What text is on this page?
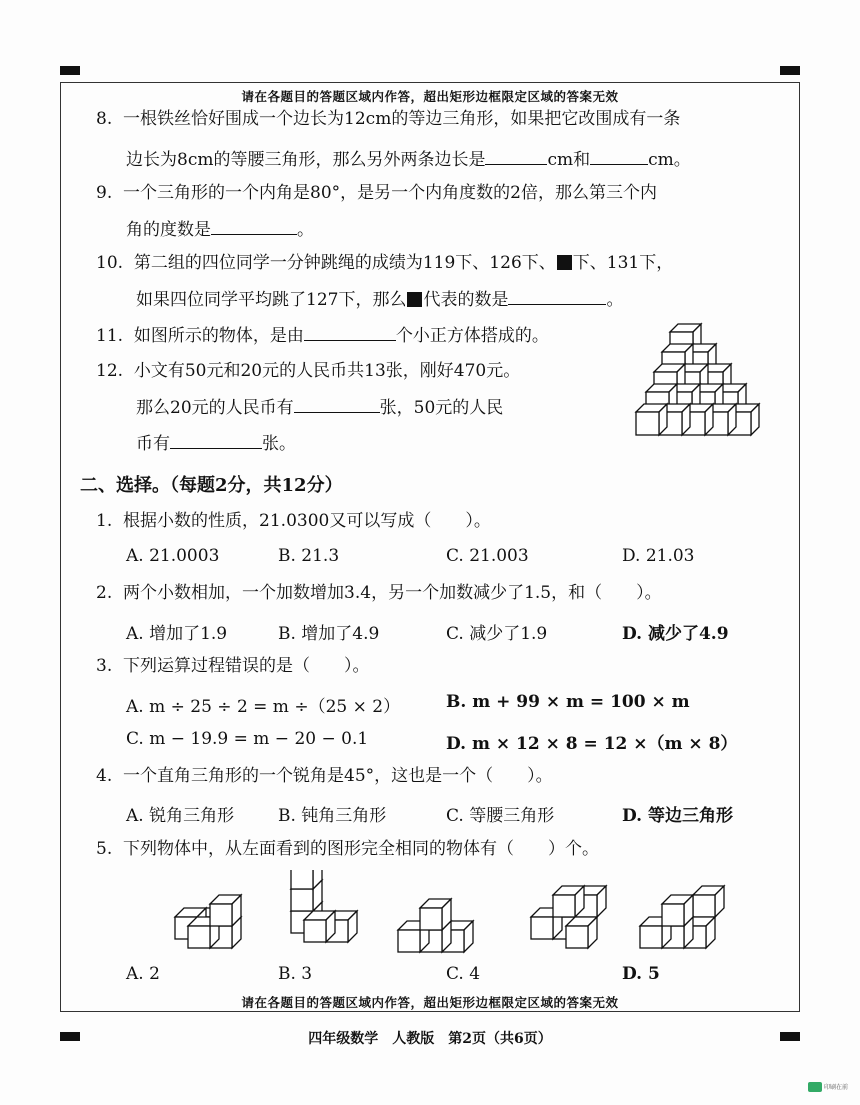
请在各题目的答题区域内作答，超出矩形边框限定区域的答案无效
请在各题目的答题区域内作答，超出矩形边框限定区域的答案无效
8. 一根铁丝恰好围成一个边长为12cm的等边三角形，如果把它改围成有一条
边长为8cm的等腰三角形，那么另外两条边长是	cm和	cm。
9. 一个三角形的一个内角是80°，是另一个内角度数的2倍，那么第三个内
角的度数是	。
10. 第二组的四位同学一分钟跳绳的成绩为119下、126下、 下、131下，
如果四位同学平均跳了127下，那么 代表的数是	。
11. 如图所示的物体，是由	个小正方体搭成的。
12. 小文有50元和20元的人民币共13张，刚好470元。
那么20元的人民币有	张，50元的人民
币有	张。
二、选择。（每题2分，共12分）
1. 根据小数的性质，21.0300又可以写成（　　）。
A. 21.0003	B. 21.3	C. 21.003	D. 21.03
2. 两个小数相加，一个加数增加3.4，另一个加数减少了1.5，和（　　）。
A. 增加了1.9	B. 增加了4.9	C. 减少了1.9	D. 减少了4.9
3. 下列运算过程错误的是（　　）。
A. m ÷ 25 ÷ 2 = m ÷（25 × 2）	B. m + 99 × m = 100 × m
C. m − 19.9 = m − 20 − 0.1	D. m × 12 × 8 = 12 ×（m × 8）
4. 一个直角三角形的一个锐角是45°，这也是一个（　　）。
A. 锐角三角形	B. 钝角三角形	C. 等腰三角形	D. 等边三角形
5. 下列物体中，从左面看到的图形完全相同的物体有（　　）个。
A. 2	B. 3	C. 4	D. 5
四年级数学　人教版　第2页（共6页）
印刷在前
